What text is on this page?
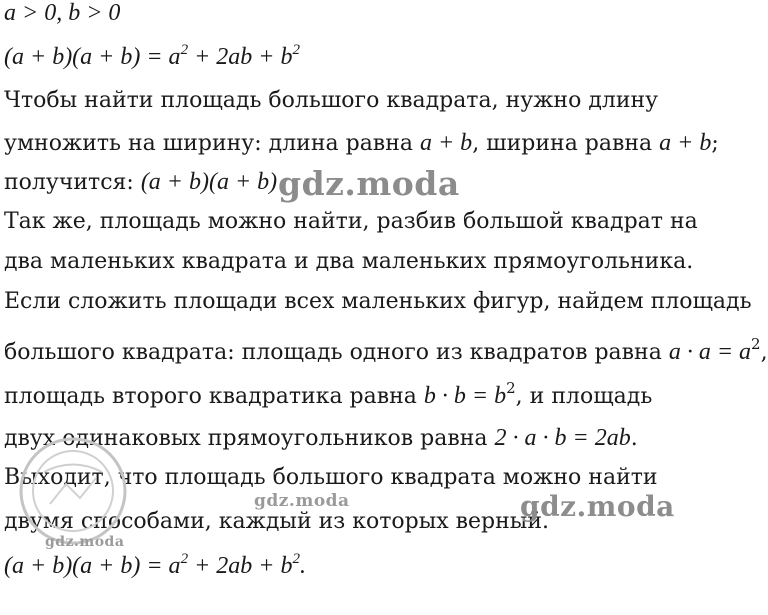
a > 0, b > 0
$(a + b)(a + b) = a^2 + 2ab + b^2$
Чтобы найти площадь большого квадрата, нужно длину
умножить на ширину: длина равна a + b, ширина равна a + b;
получится: (a + b)(a + b)
Так же, площадь можно найти, разбив большой квадрат на
два маленьких квадрата и два маленьких прямоугольника.
Если сложить площади всех маленьких фигур, найдем площадь
большого квадрата: площадь одного из квадратов равна $a \cdot a = a^2$,
площадь второго квадратика равна $b \cdot b = b^2$, и площадь
двух одинаковых прямоугольников равна 2 · a · b = 2ab.
Выходит, что площадь большого квадрата можно найти
двумя способами, каждый из которых верный.
$(a + b)(a + b) = a^2 + 2ab + b^2$.
gdz.moda
gdz.moda	gdz.moda
gdz.moda
